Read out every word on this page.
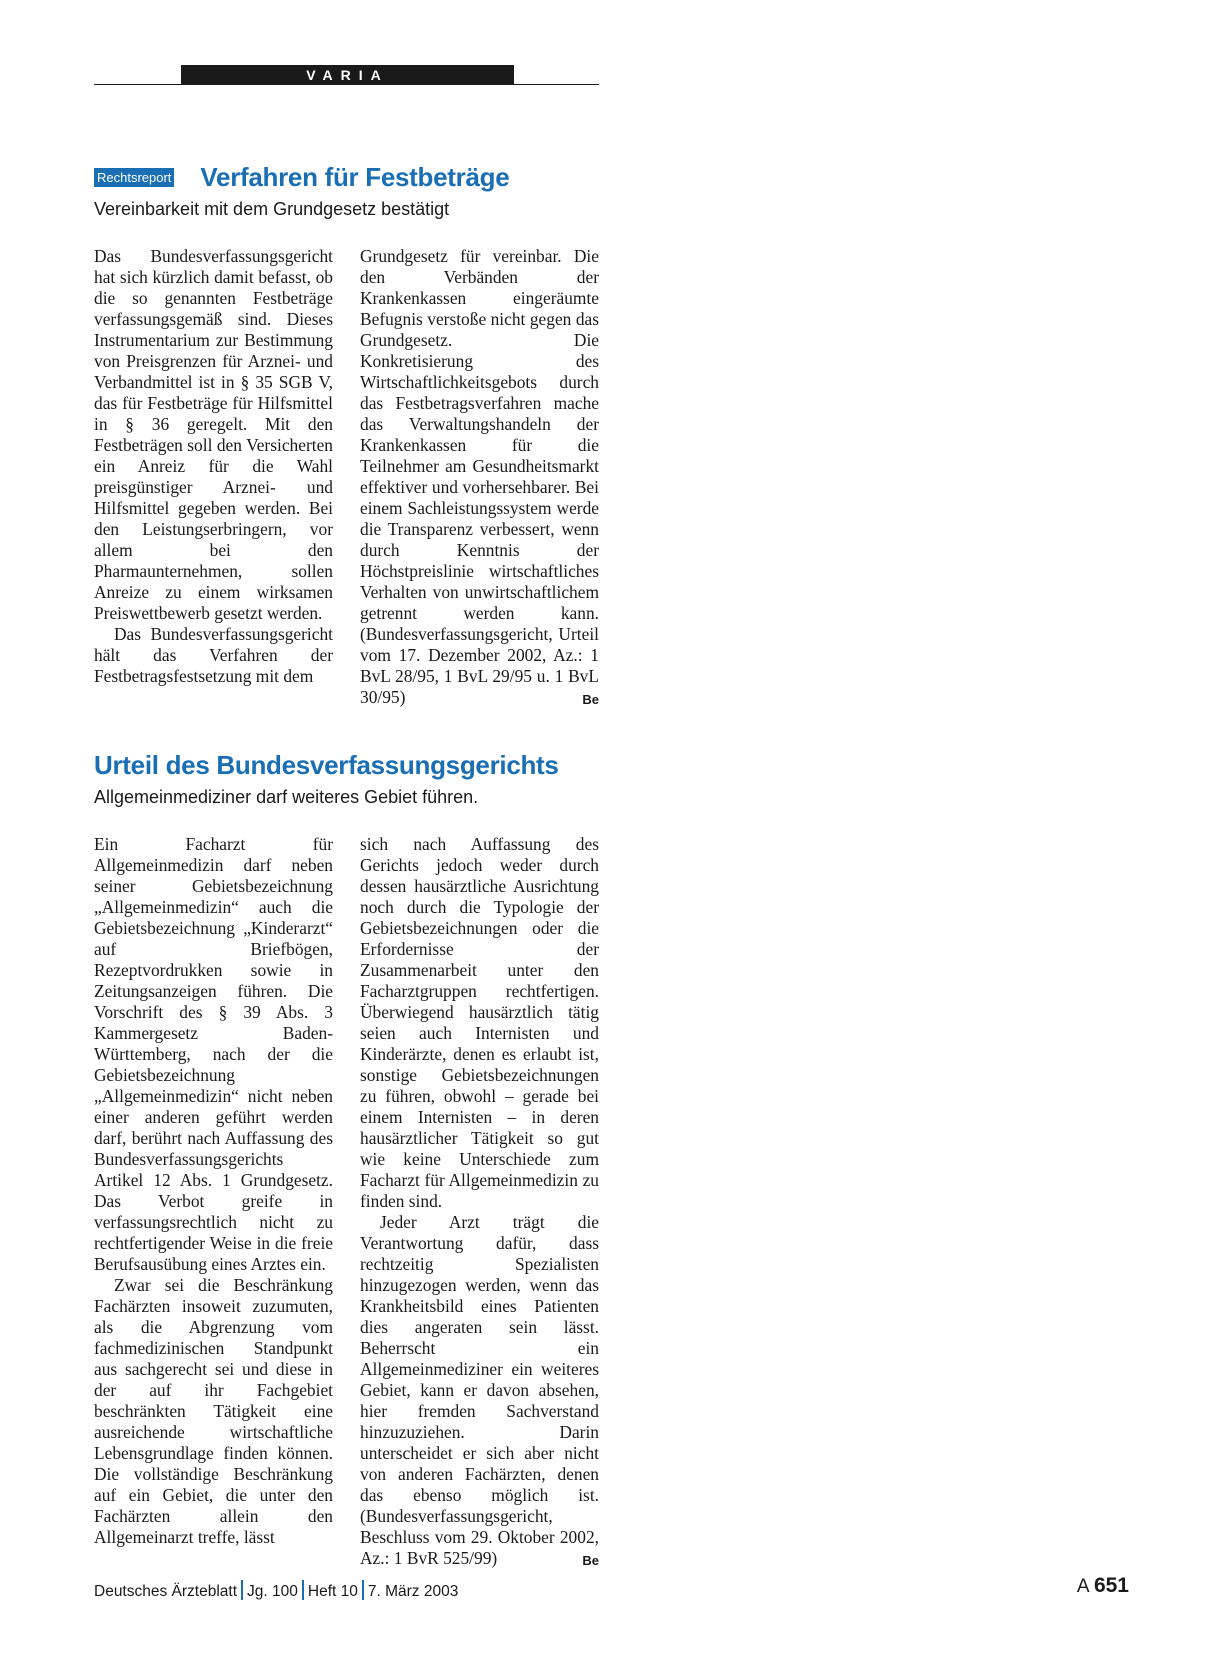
VARIA
Rechtsreport Verfahren für Festbeträge
Vereinbarkeit mit dem Grundgesetz bestätigt

Das Bundesverfassungsgericht hat sich kürzlich damit befasst, ob die so genannten Festbeträge verfassungsgemäß sind. Dieses Instrumentarium zur Bestimmung von Preisgrenzen für Arznei- und Verbandmittel ist in § 35 SGB V, das für Festbeträge für Hilfsmittel in § 36 geregelt. Mit den Festbeträgen soll den Versicherten ein Anreiz für die Wahl preisgünstiger Arznei- und Hilfsmittel gegeben werden. Bei den Leistungserbringern, vor allem bei den Pharmaunternehmen, sollen Anreize zu einem wirksamen Preiswettbewerb gesetzt werden.

Das Bundesverfassungsgericht hält das Verfahren der Festbetragsfestsetzung mit dem

Grundgesetz für vereinbar. Die den Verbänden der Krankenkassen eingeräumte Befugnis verstoße nicht gegen das Grundgesetz. Die Konkretisierung des Wirtschaftlichkeitsgebots durch das Festbetragsverfahren mache das Verwaltungshandeln der Krankenkassen für die Teilnehmer am Gesundheitsmarkt effektiver und vorhersehbarer. Bei einem Sachleistungssystem werde die Transparenz verbessert, wenn durch Kenntnis der Höchstpreislinie wirtschaftliches Verhalten von unwirtschaftlichem getrennt werden kann. (Bundesverfassungsgericht, Urteil vom 17. Dezember 2002, Az.: 1 BvL 28/95, 1 BvL 29/95 u. 1 BvL 30/95)	Be

Urteil des Bundesverfassungsgerichts
Allgemeinmediziner darf weiteres Gebiet führen.

Ein Facharzt für Allgemeinmedizin darf neben seiner Gebietsbezeichnung „Allgemeinmedizin“ auch die Gebietsbezeichnung „Kinderarzt“ auf Briefbögen, Rezeptvordrukken sowie in Zeitungsanzeigen führen. Die Vorschrift des § 39 Abs. 3 Kammergesetz Baden-Württemberg, nach der die Gebietsbezeichnung „Allgemeinmedizin“ nicht neben einer anderen geführt werden darf, berührt nach Auffassung des Bundesverfassungsgerichts Artikel 12 Abs. 1 Grundgesetz. Das Verbot greife in verfassungsrechtlich nicht zu rechtfertigender Weise in die freie Berufsausübung eines Arztes ein.

Zwar sei die Beschränkung Fachärzten insoweit zuzumuten, als die Abgrenzung vom fachmedizinischen Standpunkt aus sachgerecht sei und diese in der auf ihr Fachgebiet beschränkten Tätigkeit eine ausreichende wirtschaftliche Lebensgrundlage finden können. Die vollständige Beschränkung auf ein Gebiet, die unter den Fachärzten allein den Allgemeinarzt treffe, lässt

sich nach Auffassung des Gerichts jedoch weder durch dessen hausärztliche Ausrichtung noch durch die Typologie der Gebietsbezeichnungen oder die Erfordernisse der Zusammenarbeit unter den Facharztgruppen rechtfertigen. Überwiegend hausärztlich tätig seien auch Internisten und Kinderärzte, denen es erlaubt ist, sonstige Gebietsbezeichnungen zu führen, obwohl – gerade bei einem Internisten – in deren hausärztlicher Tätigkeit so gut wie keine Unterschiede zum Facharzt für Allgemeinmedizin zu finden sind.

Jeder Arzt trägt die Verantwortung dafür, dass rechtzeitig Spezialisten hinzugezogen werden, wenn das Krankheitsbild eines Patienten dies angeraten sein lässt. Beherrscht ein Allgemeinmediziner ein weiteres Gebiet, kann er davon absehen, hier fremden Sachverstand hinzuzuziehen. Darin unterscheidet er sich aber nicht von anderen Fachärzten, denen das ebenso möglich ist. (Bundesverfassungsgericht, Beschluss vom 29. Oktober 2002, Az.: 1 BvR 525/99)	Be

Deutsches Ärzteblatt Jg. 100 Heft 10 7. März 2003	A 651
